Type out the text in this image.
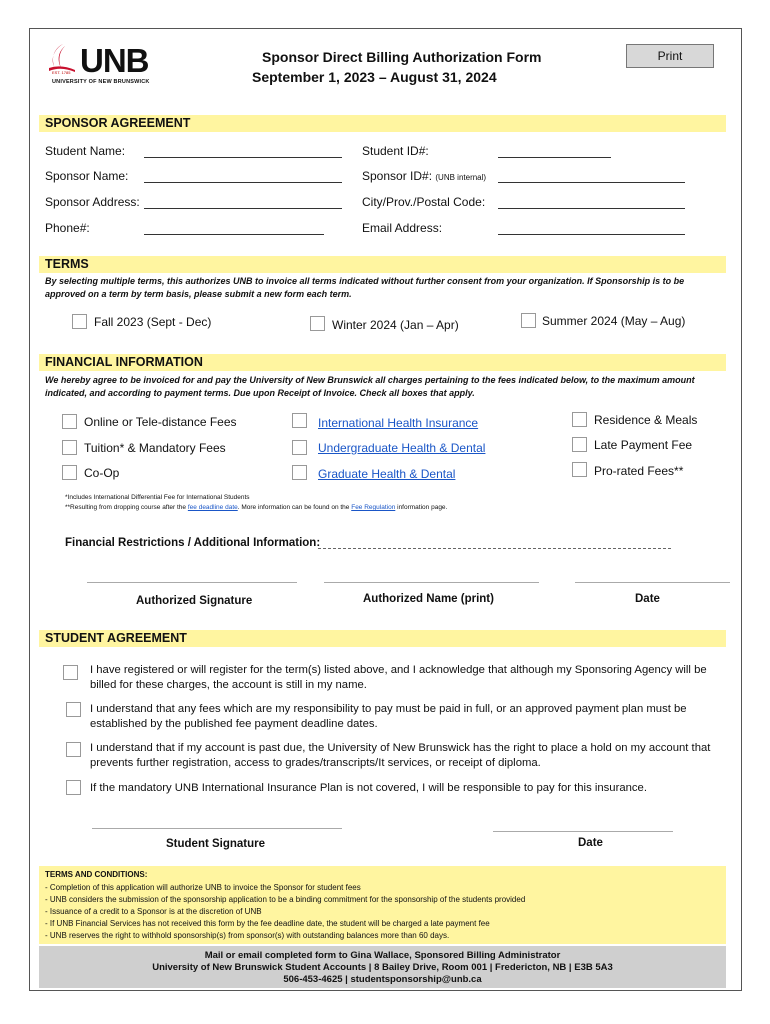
UNB
EST. 1785
UNIVERSITY OF NEW BRUNSWICK
Sponsor Direct Billing Authorization Form
September 1, 2023 – August 31, 2024
Print
SPONSOR AGREEMENT
Student Name:	Student ID#:
Sponsor Name:	Sponsor ID#: (UNB internal)
Sponsor Address:	City/Prov./Postal Code:
Phone#:	Email Address:
TERMS
By selecting multiple terms, this authorizes UNB to invoice all terms indicated without further consent from your organization. If Sponsorship is to be approved on a term by term basis, please submit a new form each term.
Fall 2023 (Sept - Dec)	Winter 2024 (Jan – Apr)	Summer 2024 (May – Aug)
FINANCIAL INFORMATION
We hereby agree to be invoiced for and pay the University of New Brunswick all charges pertaining to the fees indicated below, to the maximum amount indicated, and according to payment terms. Due upon Receipt of Invoice. Check all boxes that apply.
Online or Tele-distance Fees
Tuition* & Mandatory Fees
Co-Op
International Health Insurance
Undergraduate Health & Dental
Graduate Health & Dental
Residence & Meals
Late Payment Fee
Pro-rated Fees**
*Includes International Differential Fee for International Students
**Resulting from dropping course after the fee deadline date. More information can be found on the Fee Regulation information page.
Financial Restrictions / Additional Information:
Authorized Signature	Authorized Name (print)	Date
STUDENT AGREEMENT
I have registered or will register for the term(s) listed above, and I acknowledge that although my Sponsoring Agency will be billed for these charges, the account is still in my name.
I understand that any fees which are my responsibility to pay must be paid in full, or an approved payment plan must be established by the published fee payment deadline dates.
I understand that if my account is past due, the University of New Brunswick has the right to place a hold on my account that prevents further registration, access to grades/transcripts/It services, or receipt of diploma.
If the mandatory UNB International Insurance Plan is not covered, I will be responsible to pay for this insurance.
Student Signature	Date
TERMS AND CONDITIONS:
- Completion of this application will authorize UNB to invoice the Sponsor for student fees
- UNB considers the submission of the sponsorship application to be a binding commitment for the sponsorship of the students provided
- Issuance of a credit to a Sponsor is at the discretion of UNB
- If UNB Financial Services has not received this form by the fee deadline date, the student will be charged a late payment fee
- UNB reserves the right to withhold sponsorship(s) from sponsor(s) with outstanding balances more than 60 days.
Mail or email completed form to Gina Wallace, Sponsored Billing Administrator
University of New Brunswick Student Accounts | 8 Bailey Drive, Room 001 | Fredericton, NB | E3B 5A3
506-453-4625 | studentsponsorship@unb.ca
